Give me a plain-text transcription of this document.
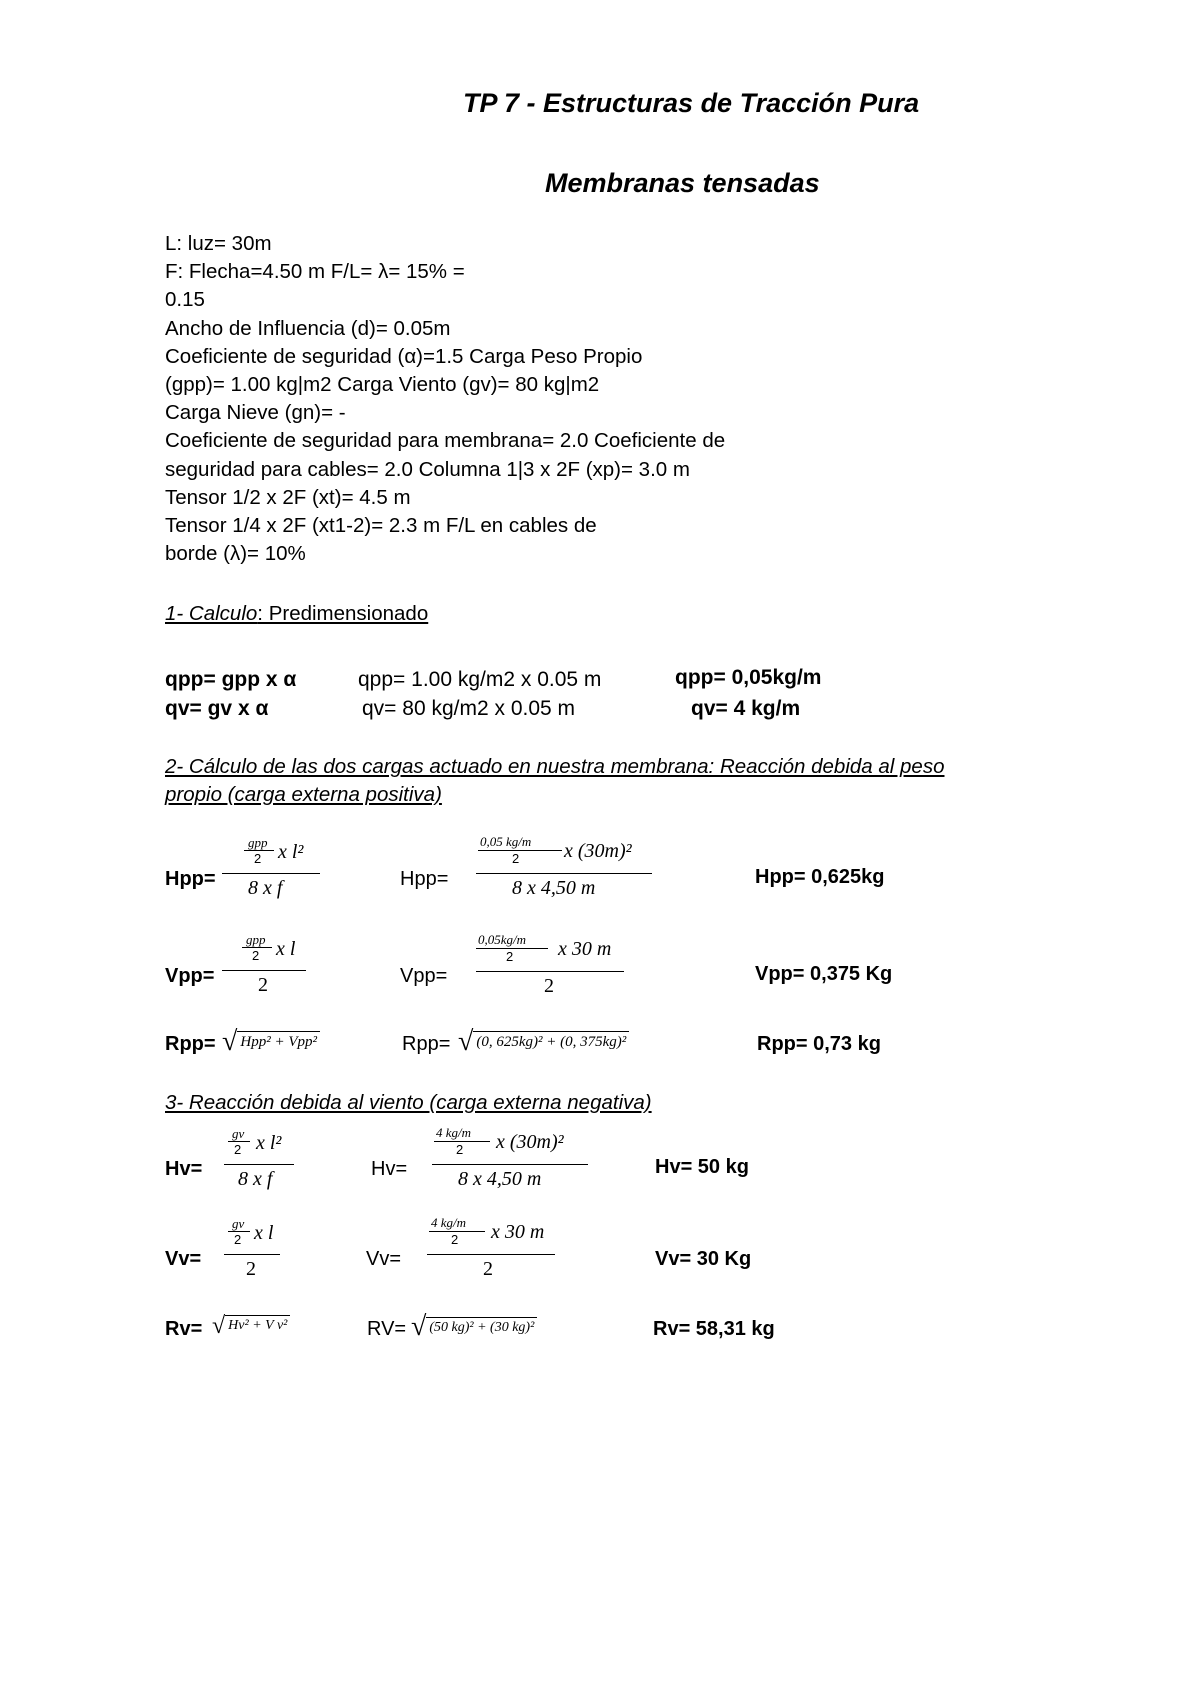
TP 7 - Estructuras de Tracción Pura
Membranas tensadas
L: luz= 30m
F: Flecha=4.50 m F/L= λ= 15% =
0.15
Ancho de Influencia (d)= 0.05m
Coeficiente de seguridad (α)=1.5 Carga Peso Propio
(gpp)= 1.00 kg|m2 Carga Viento (gv)= 80 kg|m2
Carga Nieve (gn)= -
Coeficiente de seguridad para membrana= 2.0 Coeficiente de
seguridad para cables= 2.0 Columna 1|3 x 2F (xp)= 3.0 m
Tensor 1/2 x 2F (xt)= 4.5 m
Tensor 1/4 x 2F (xt1-2)= 2.3 m F/L en cables de
borde (λ)= 10%
1- Calculo: Predimensionado
qpp= gpp x α	qpp= 1.00 kg/m2 x 0.05 m	qpp= 0,05kg/m
qv= gv x α	qv= 80 kg/m2 x 0.05 m	qv= 4 kg/m
2- Cálculo de las dos cargas actuado en nuestra membrana: Reacción debida al peso
propio (carga externa positiva)
Hpp=
gpp
2 x l²
8 x f	Hpp=
0,05 kg/m
2 x (30m)²
8 x 4,50 m	Hpp= 0,625kg
Vpp=
gpp
2 x l
2	Vpp=
0,05kg/m
2 x 30 m
2
Vpp= 0,375 Kg
Rpp= √ Hpp² + Vpp²	Rpp= √ (0, 625kg)² + (0, 375kg)²	Rpp= 0,73 kg
3- Reacción debida al viento (carga externa negativa)
Hv=
gv
2 x l²
8 x f	Hv=
4 kg/m
2 x (30m)²
8 x 4,50 m
Hv= 50 kg
Vv=
gv
2 x l
2	Vv=
4 kg/m
2 x 30 m
2	Vv= 30 Kg
Rv= √ Hv² + V v²	RV= √ (50 kg)² + (30 kg)²	Rv= 58,31 kg
